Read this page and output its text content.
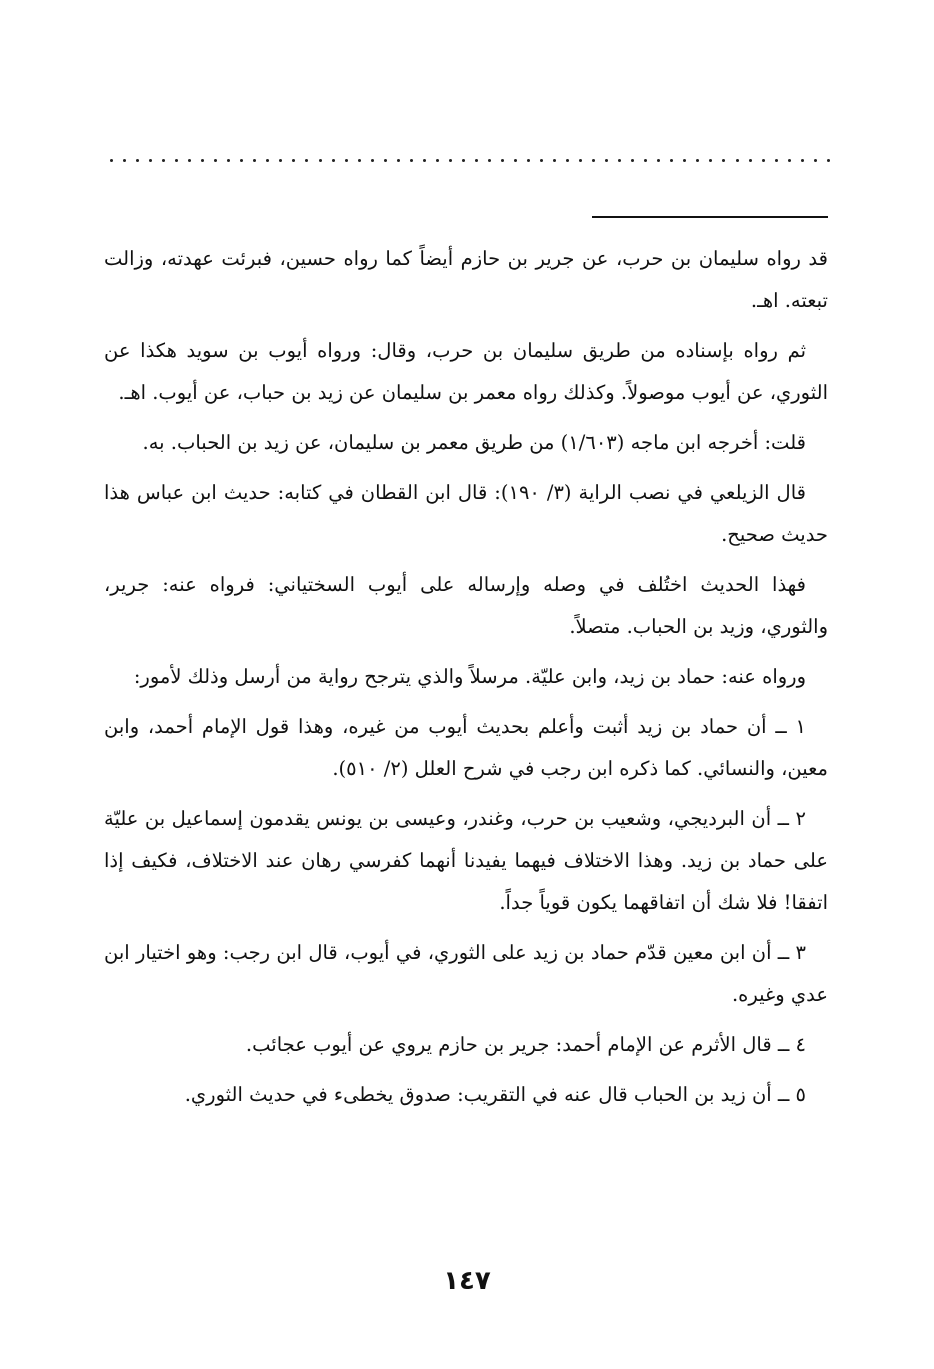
قد رواه سليمان بن حرب، عن جرير بن حازم أيضاً كما رواه حسين، فبرئت عهدته، وزالت تبعته. اهـ.

ثم رواه بإسناده من طريق سليمان بن حرب، وقال: ورواه أيوب بن سويد هكذا عن الثوري، عن أيوب موصولاً. وكذلك رواه معمر بن سليمان عن زيد بن حباب، عن أيوب. اهـ.

قلت: أخرجه ابن ماجه (١/٦٠٣) من طريق معمر بن سليمان، عن زيد بن الحباب. به.

قال الزيلعي في نصب الراية (٣/ ١٩٠): قال ابن القطان في كتابه: حديث ابن عباس هذا حديث صحيح.

فهذا الحديث اختُلف في وصله وإرساله على أيوب السختياني: فرواه عنه: جرير، والثوري، وزيد بن الحباب. متصلاً.

ورواه عنه: حماد بن زيد، وابن عليّة. مرسلاً والذي يترجح رواية من أرسل وذلك لأمور:

١ ــ أن حماد بن زيد أثبت وأعلم بحديث أيوب من غيره، وهذا قول الإمام أحمد، وابن معين، والنسائي. كما ذكره ابن رجب في شرح العلل (٢/ ٥١٠).

٢ ــ أن البرديجي، وشعيب بن حرب، وغندر، وعيسى بن يونس يقدمون إسماعيل بن عليّة على حماد بن زيد. وهذا الاختلاف فيهما يفيدنا أنهما كفرسي رهان عند الاختلاف، فكيف إذا اتفقا! فلا شك أن اتفاقهما يكون قوياً جداً.

٣ ــ أن ابن معين قدّم حماد بن زيد على الثوري، في أيوب، قال ابن رجب: وهو اختيار ابن عدي وغيره.

٤ ــ قال الأثرم عن الإمام أحمد: جرير بن حازم يروي عن أيوب عجائب.

٥ ــ أن زيد بن الحباب قال عنه في التقريب: صدوق يخطىء في حديث الثوري.

١٤٧
